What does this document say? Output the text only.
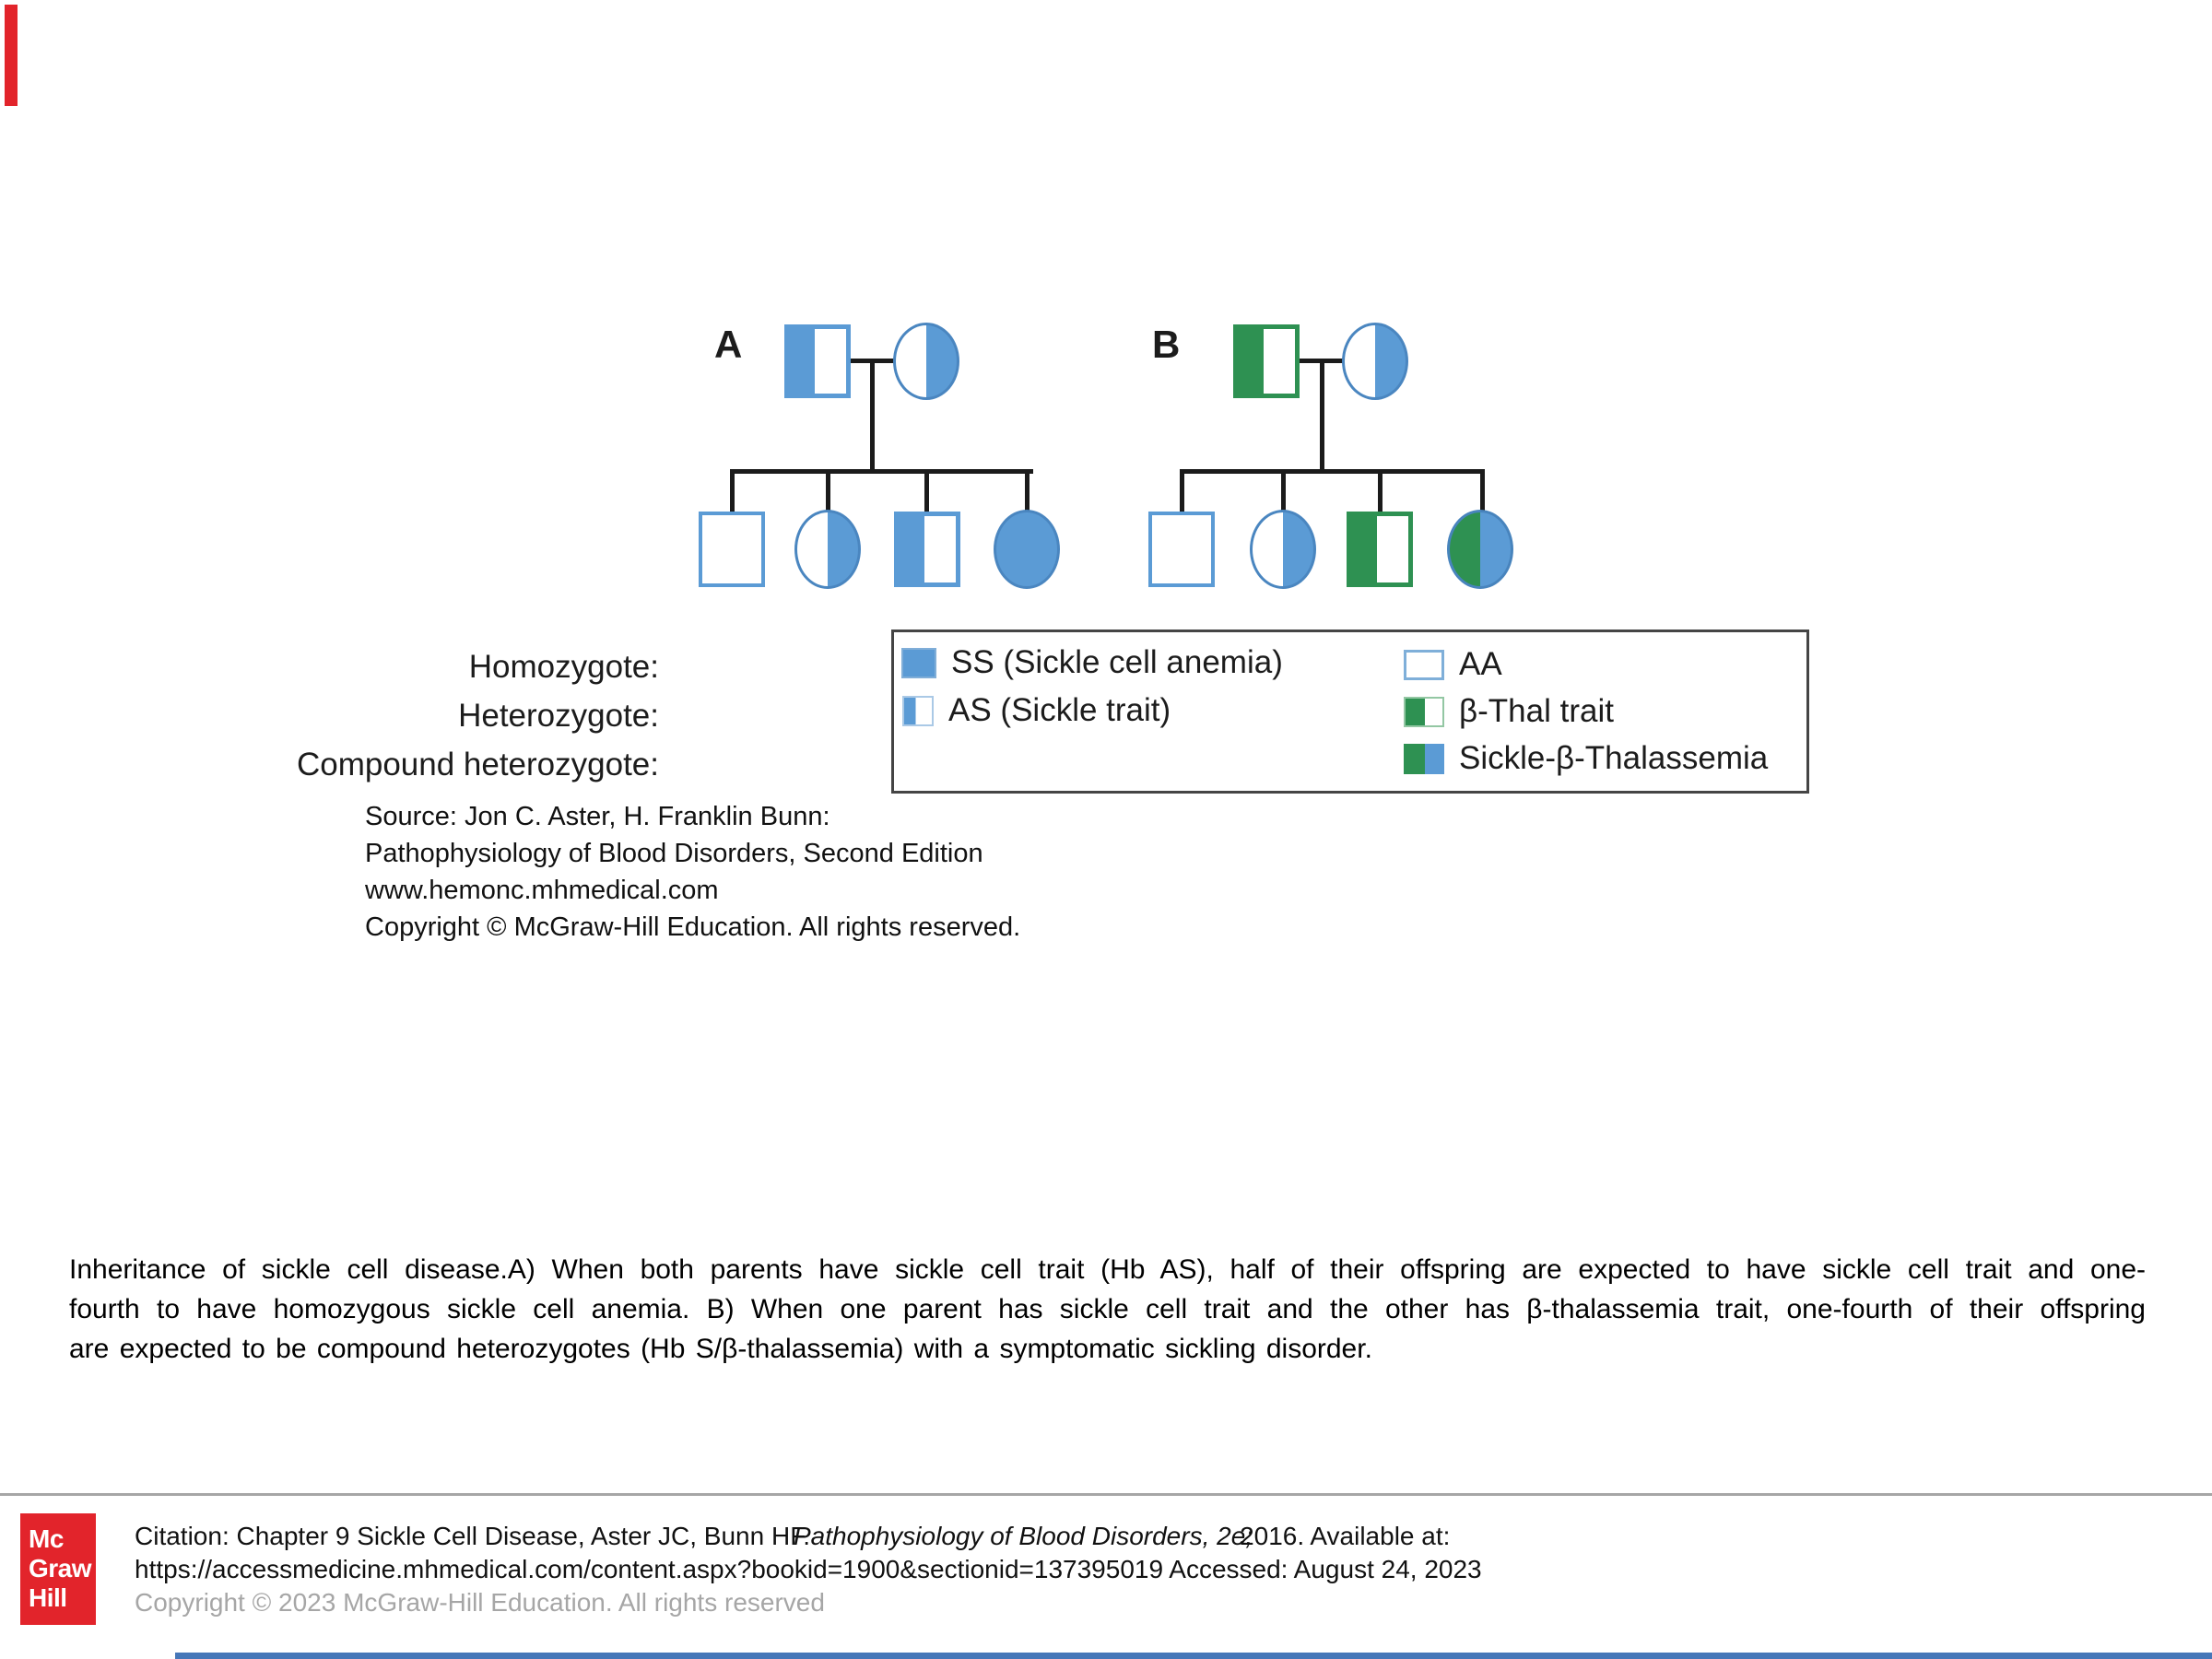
A	B
Homozygote:
Heterozygote:
Compound heterozygote:
SS (Sickle cell anemia)
AS (Sickle trait)
AA
β-Thal trait
Sickle-β-Thalassemia
Source: Jon C. Aster, H. Franklin Bunn:
Pathophysiology of Blood Disorders, Second Edition
www.hemonc.mhmedical.com
Copyright © McGraw-Hill Education. All rights reserved.
Inheritance of sickle cell disease.A) When both parents have sickle cell trait (Hb AS), half of their offspring are expected to have sickle cell trait and one-
fourth to have homozygous sickle cell anemia. B) When one parent has sickle cell trait and the other has β-thalassemia trait, one-fourth of their offspring
are expected to be compound heterozygotes (Hb S/β-thalassemia) with a symptomatic sickling disorder.
Mc
Graw
Hill
Citation: Chapter 9 Sickle Cell Disease, Aster JC, Bunn HF.Pathophysiology of Blood Disorders, 2e;2016. Available at:
https://accessmedicine.mhmedical.com/content.aspx?bookid=1900&sectionid=137395019 Accessed: August 24, 2023
Copyright © 2023 McGraw-Hill Education. All rights reserved
